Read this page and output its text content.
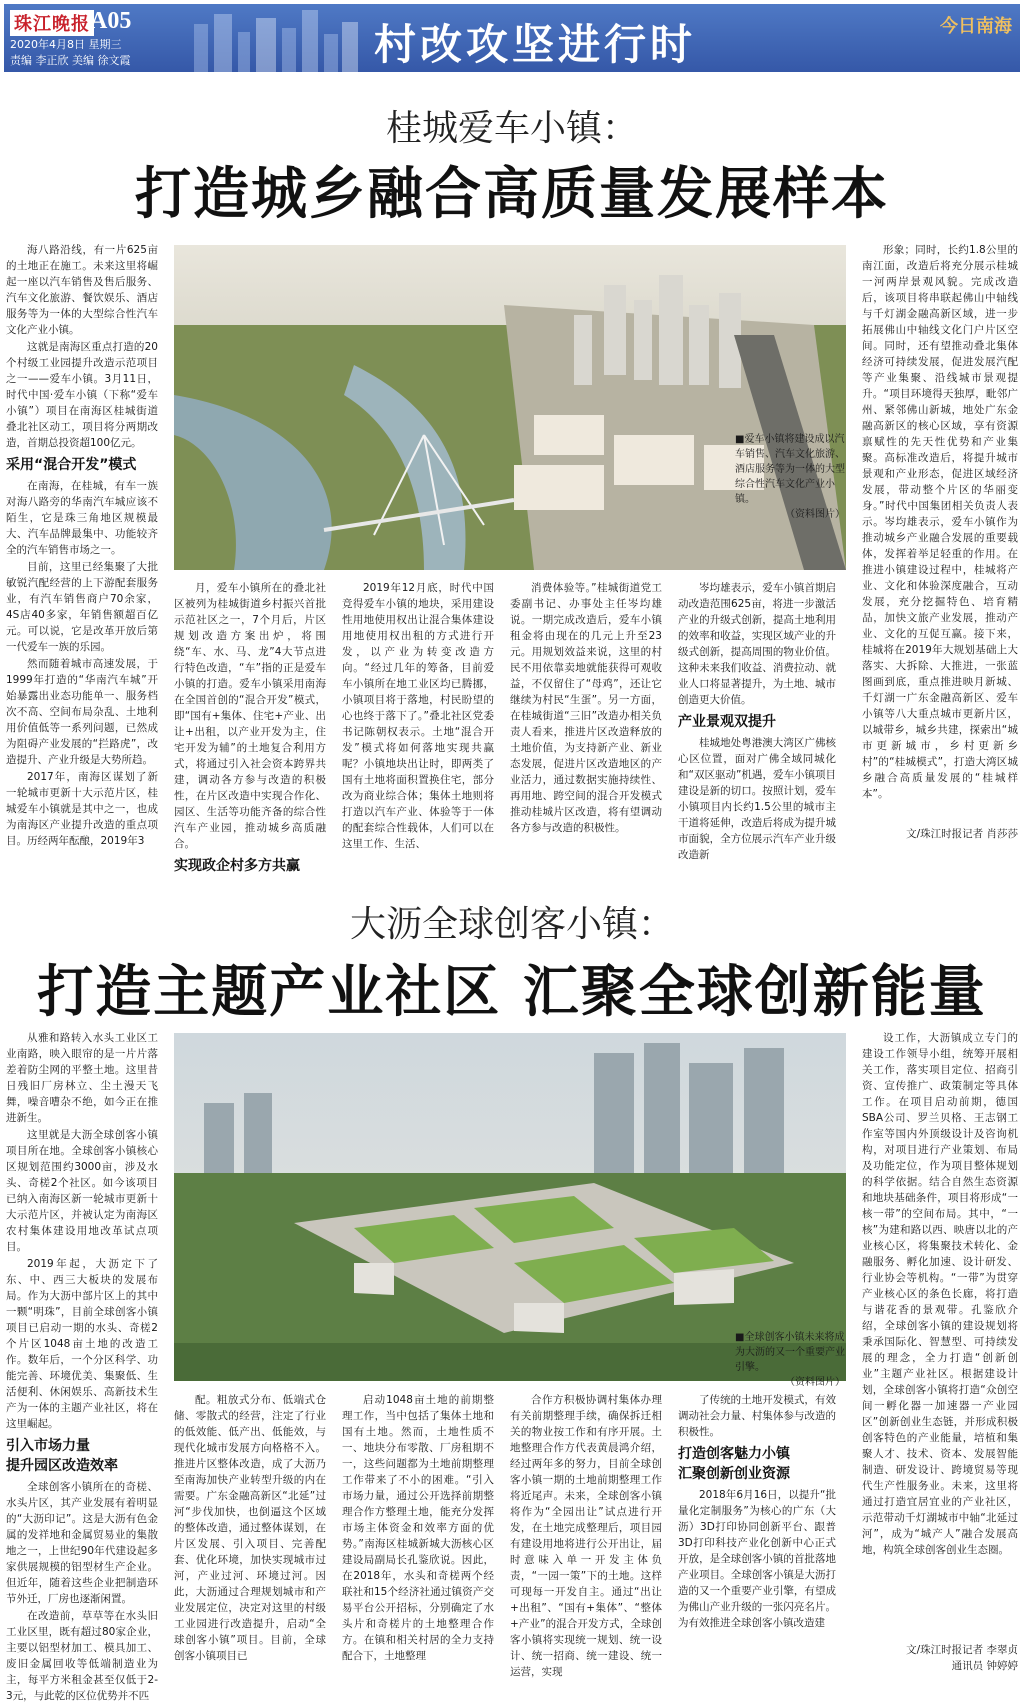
珠江晚报 A05
2020年4月8日 星期三
责编 李正欣 美编 徐文霞	村改攻坚进行时	今日南海
桂城爱车小镇：
打造城乡融合高质量发展样本

海八路沿线，有一片625亩的土地正在施工。未来这里将崛起一座以汽车销售及售后服务、汽车文化旅游、餐饮娱乐、酒店服务等为一体的大型综合性汽车文化产业小镇。

这就是南海区重点打造的20个村级工业园提升改造示范项目之一——爱车小镇。3月11日，时代中国·爱车小镇（下称“爱车小镇”）项目在南海区桂城街道叠北社区动工，项目将分两期改造，首期总投资超100亿元。

采用“混合开发”模式

在南海，在桂城，有车一族对海八路旁的华南汽车城应该不陌生，它是珠三角地区规模最大、汽车品牌最集中、功能较齐全的汽车销售市场之一。

目前，这里已经集聚了大批敏锐汽配经营的上下游配套服务业，有汽车销售商户70余家，4S店40多家，年销售额超百亿元。可以说，它是改革开放后第一代爱车一族的乐园。

然而随着城市高速发展，于1999年打造的“华南汽车城”开始暴露出业态功能单一、服务档次不高、空间布局杂乱、土地利用价值低等一系列问题，已然成为阻碍产业发展的“拦路虎”，改造提升、产业升级是大势所趋。

2017年，南海区谋划了新一轮城市更新十大示范片区，桂城爱车小镇就是其中之一，也成为南海区产业提升改造的重点项目。历经两年酝酿，2019年3

■爱车小镇将建设成以汽车销售、汽车文化旅游、酒店服务等为一体的大型综合性汽车文化产业小镇。
（资料图片）

月，爱车小镇所在的叠北社区被列为桂城街道乡村振兴首批示范社区之一，7个月后，片区规划改造方案出炉，将围绕“车、水、马、龙”4大节点进行特色改造，“车”指的正是爱车小镇的打造。爱车小镇采用南海在全国首创的“混合开发”模式，即“国有+集体、住宅+产业、出让+出租，以产业开发为主，住宅开发为辅”的土地复合利用方式，将通过引入社会资本跨界共建，调动各方参与改造的积极性，在片区改造中实现合作化、园区、生活等功能齐备的综合性汽车产业园，推动城乡高质融合。

实现政企村多方共赢

2019年12月底，时代中国竞得爱车小镇的地块，采用建设性用地使用权出让混合集体建设用地使用权出租的方式进行开发，以产业为转变改造方向。“经过几年的筹备，目前爱车小镇所在地工业区均已腾挪，小镇项目将于落地，村民盼望的心也终于落下了。”叠北社区党委书记陈朝权表示。土地“混合开发”模式将如何落地实现共赢呢？小镇地块出让时，即两类了国有土地将面积置换住宅，部分改为商业综合体；集体土地则将打造以汽车产业、体验等于一体的配套综合性载体，人们可以在这里工作、生活、

消费体验等。”桂城街道党工委副书记、办事处主任岑均雄说。一期完成改造后，爱车小镇租金将由现在的几元上升至23元。用规划效益来说，这里的村民不用依靠卖地就能获得可观收益，不仅留住了“母鸡”，还让它继续为村民“生蛋”。另一方面，在桂城街道“三旧”改造办相关负责人看来，推进片区改造释放的土地价值，为支持新产业、新业态发展，促进片区改造地区的产业活力，通过数据实施持续性、再用地、跨空间的混合开发模式推动桂城片区改造，将有望调动各方参与改造的积极性。

岑均雄表示，爱车小镇首期启动改造范围625亩，将进一步激活产业的升级式创新，提高土地利用的效率和收益，实现区域产业的升级式创新，提高周围的物业价值。这种未来我们收益、消费拉动、就业人口将显著提升，为土地、城市创造更大价值。

产业景观双提升

桂城地处粤港澳大湾区广佛核心区位置，面对广佛全域同城化和“双区驱动”机遇，爱车小镇项目建设是新的切口。按照计划，爱车小镇项目内长约1.5公里的城市主干道将延伸，改造后将成为提升城市面貌，全方位展示汽车产业升级改造新

形象；同时，长约1.8公里的南江面，改造后将充分展示桂城一河两岸景观风貌。完成改造后，该项目将串联起佛山中轴线与千灯湖金融高新区域，进一步拓展佛山中轴线文化门户片区空间。同时，还有望推动叠北集体经济可持续发展，促进发展汽配等产业集聚、沿线城市景观提升。“项目环境得天独厚，毗邻广州、紧邻佛山新城，地处广东金融高新区的核心区域，享有资源禀赋性的先天性优势和产业集聚。高标准改造后，将提升城市景观和产业形态，促进区域经济发展，带动整个片区的华丽变身。”时代中国集团相关负责人表示。岑均雄表示，爱车小镇作为推动城乡产业融合发展的重要载体，发挥着举足轻重的作用。在推进小镇建设过程中，桂城将产业、文化和体验深度融合，互动发展，充分挖掘特色、培育精品，加快文旅产业发展，推动产业、文化的互促互赢。接下来，桂城将在2019年大规划基础上大落实、大拆除、大推进，一张蓝图画到底，重点推进映月新城、千灯湖一广东金融高新区、爱车小镇等八大重点城市更新片区，以城带乡，城乡共建，探索出“城市更新城市，乡村更新乡村”的“桂城模式”，打造大湾区城乡融合高质量发展的“桂城样本”。

文/珠江时报记者 肖莎莎
大沥全球创客小镇：
打造主题产业社区 汇聚全球创新能量

从雅和路转入水头工业区工业南路，映入眼帘的是一片片落差着防尘网的平整土地。这里昔日残旧厂房林立、尘土漫天飞舞，噪音嘈杂不绝，如今正在推进新生。

这里就是大沥全球创客小镇项目所在地。全球创客小镇核心区规划范围约3000亩，涉及水头、奇槎2个社区。如今该项目已纳入南海区新一轮城市更新十大示范片区，并被认定为南海区农村集体建设用地改革试点项目。

2019年起，大沥定下了东、中、西三大板块的发展布局。作为大沥中部片区上的其中一颗“明珠”，目前全球创客小镇项目已启动一期的水头、奇槎2个片区1048亩土地的改造工作。数年后，一个分区科学、功能完善、环境优美、集聚低、生活便利、休闲娱乐、高新技术生产为一体的主题产业社区，将在这里崛起。

引入市场力量
提升园区改造效率

全球创客小镇所在的奇槎、水头片区，其产业发展有着明显的“大沥印记”。这是大沥有色金属的发祥地和金属贸易业的集散地之一，上世纪90年代建设起多家供展规模的铝型材生产企业。但近年，随着这些企业把制造环节外迁，厂房也逐渐闲置。

在改造前，草草等在水头旧工业区里，既有超过80家企业，主要以铝型材加工、模具加工、废旧金属回收等低端制造业为主，每平方米租金甚至仅低于2-3元，与此乾的区位优势并不匹

■全球创客小镇未来将成为大沥的又一个重要产业引擎。
（资料图片）

配。粗放式分布、低端式仓储、零散式的经营，注定了行业的低效能、低产出、低能效，与现代化城市发展方向格格不入。推进片区整体改造，成了大沥乃至南海加快产业转型升级的内在需要。广东金融高新区“北延”过河“步伐加快，也倒逼这个区域的整体改造，通过整体谋划，在片区发展、引入项目、完善配套、优化环境，加快实现城市过河，产业过河、环境过河。因此，大沥通过合理规划城市和产业发展定位，决定对这里的村级工业园进行改造提升，启动“全球创客小镇”项目。目前，全球创客小镇项目已

启动1048亩土地的前期整理工作，当中包括了集体土地和国有土地。然而，土地性质不一、地块分布零散、厂房租期不一，这些问题都为土地前期整理工作带来了不小的困难。“引入市场力量，通过公开选择前期整理合作方整理土地，能充分发挥市场主体资金和效率方面的优势。”南海区桂城新城大沥核心区建设局副局长孔鉴欣说。因此，在2018年，水头和奇槎两个经联社和15个经济社通过镇资产交易平台公开招标，分别确定了水头片和奇槎片的土地整理合作方。在镇和相关村居的全力支持配合下，土地整理

合作方积极协调村集体办理有关前期整理手续，确保拆迁相关的物业按工作和有序开展。土地整理合作方代表黄晨鸿介绍，经过两年多的努力，目前全球创客小镇一期的土地前期整理工作将近尾声。未来，全球创客小镇将作为“全园出让”试点进行开发，在土地完成整理后，项目园有建设用地将进行公开出让，届时意味入单一开发主体负责，“一园一策”下的土地。这样可现每一开发自主。通过“出让+出租”、“国有+集体”、“整体+产业”的混合开发方式，全球创客小镇将实现统一规划、统一设计、统一招商、统一建设、统一运营，实现

了传统的土地开发模式，有效调动社会力量、村集体参与改造的积极性。

打造创客魅力小镇
汇聚创新创业资源

2018年6月16日，以提升“批量化定制服务”为核心的广东（大沥）3D打印协同创新平台、跟普3D打印科技产业化创新中心正式开放，是全球创客小镇的首批落地产业项目。全球创客小镇是大沥打造的又一个重要产业引擎，有望成为佛山产业升级的一张闪亮名片。为有效推进全球创客小镇改造建

设工作，大沥镇成立专门的建设工作领导小组，统筹开展相关工作，落实项目定位、招商引资、宣传推广、政策制定等具体工作。在项目启动前期，德国SBA公司、罗兰贝格、王志钢工作室等国内外顶级设计及咨询机构，对项目进行产业策划、布局及功能定位，作为项目整体规划的科学依据。结合自然生态资源和地块基础条件，项目将形成“一核一带”的空间布局。其中，“一核”为建和路以西、映唐以北的产业核心区，将集聚技术转化、金融服务、孵化加速、设计研发、行业协会等机构。“一带”为贯穿产业核心区的条色长廊，将打造与谐花香的景观带。孔鉴欣介绍，全球创客小镇的建设规划将秉承国际化、智慧型、可持续发展的理念，全力打造“创新创业”主题产业社区。根据建设计划，全球创客小镇将打造“众创空间一孵化器一加速器一产业园区”创新创业生态链，并形成积极创客特色的产业能量，培植和集聚人才、技术、资本、发展智能制造、研发设计、跨境贸易等现代生产性服务业。未来，这里将通过打造宜居宜业的产业社区，示范带动千灯湖城市中轴“北延过河”，成为“城产人”融合发展高地，构筑全球创客创业生态圈。

文/珠江时报记者 李翠贞
通讯员 钟婷婷
